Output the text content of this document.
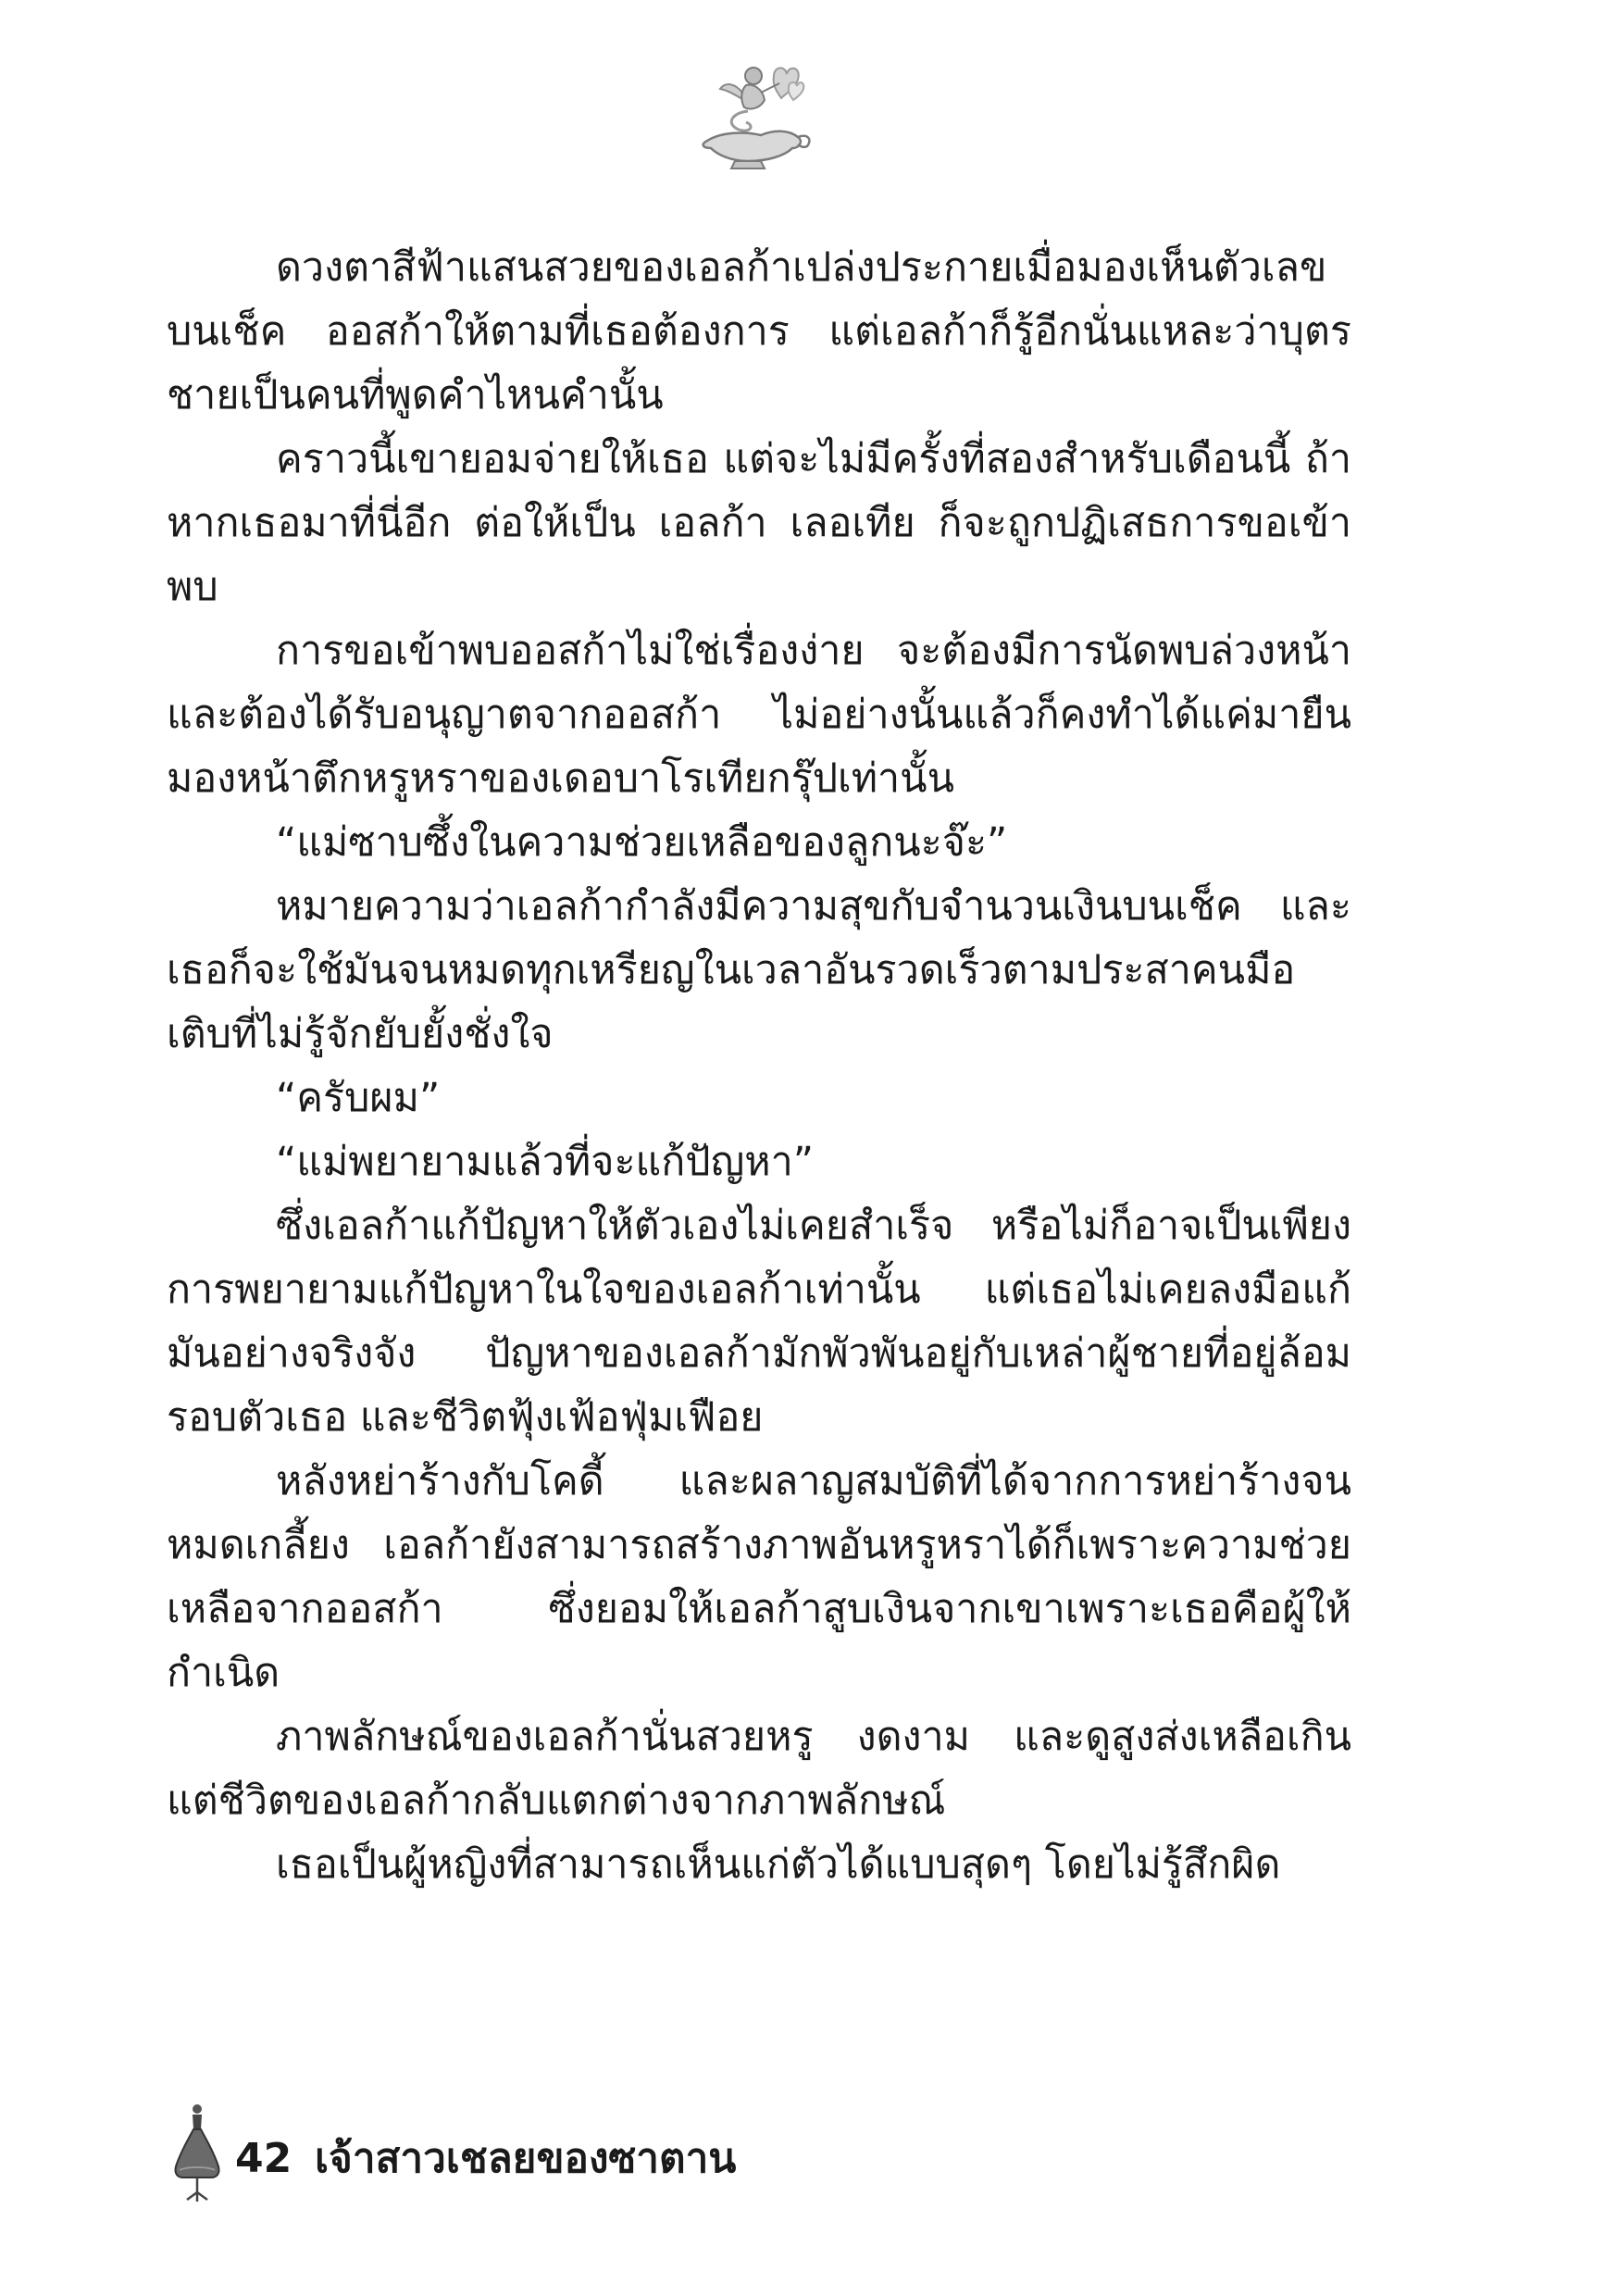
ดวงตาสีฟ้าแสนสวยของเอลก้าเปล่งประกายเมื่อมองเห็นตัวเลขบนเช็ค ออสก้าให้ตามที่เธอต้องการ แต่เอลก้าก็รู้อีกนั่นแหละว่าบุตรชายเป็นคนที่พูดคำไหนคำนั้น

คราวนี้เขายอมจ่ายให้เธอ แต่จะไม่มีครั้งที่สองสำหรับเดือนนี้ ถ้าหากเธอมาที่นี่อีก ต่อให้เป็น เอลก้า เลอเทีย ก็จะถูกปฏิเสธการขอเข้าพบ

การขอเข้าพบออสก้าไม่ใช่เรื่องง่าย จะต้องมีการนัดพบล่วงหน้า และต้องได้รับอนุญาตจากออสก้า ไม่อย่างนั้นแล้วก็คงทำได้แค่มายืนมองหน้าตึกหรูหราของเดอบาโรเทียกรุ๊ปเท่านั้น

“แม่ซาบซึ้งในความช่วยเหลือของลูกนะจ๊ะ”

หมายความว่าเอลก้ากำลังมีความสุขกับจำนวนเงินบนเช็ค และเธอก็จะใช้มันจนหมดทุกเหรียญในเวลาอันรวดเร็วตามประสาคนมือเติบที่ไม่รู้จักยับยั้งชั่งใจ

“ครับผม”

“แม่พยายามแล้วที่จะแก้ปัญหา”

ซึ่งเอลก้าแก้ปัญหาให้ตัวเองไม่เคยสำเร็จ หรือไม่ก็อาจเป็นเพียงการพยายามแก้ปัญหาในใจของเอลก้าเท่านั้น แต่เธอไม่เคยลงมือแก้มันอย่างจริงจัง ปัญหาของเอลก้ามักพัวพันอยู่กับเหล่าผู้ชายที่อยู่ล้อมรอบตัวเธอ และชีวิตฟุ้งเฟ้อฟุ่มเฟือย

หลังหย่าร้างกับโคดี้ และผลาญสมบัติที่ได้จากการหย่าร้างจนหมดเกลี้ยง เอลก้ายังสามารถสร้างภาพอันหรูหราได้ก็เพราะความช่วยเหลือจากออสก้า ซึ่งยอมให้เอลก้าสูบเงินจากเขาเพราะเธอคือผู้ให้กำเนิด

ภาพลักษณ์ของเอลก้านั่นสวยหรู งดงาม และดูสูงส่งเหลือเกิน แต่ชีวิตของเอลก้ากลับแตกต่างจากภาพลักษณ์

เธอเป็นผู้หญิงที่สามารถเห็นแก่ตัวได้แบบสุดๆ โดยไม่รู้สึกผิด

42 เจ้าสาวเชลยของซาตาน
